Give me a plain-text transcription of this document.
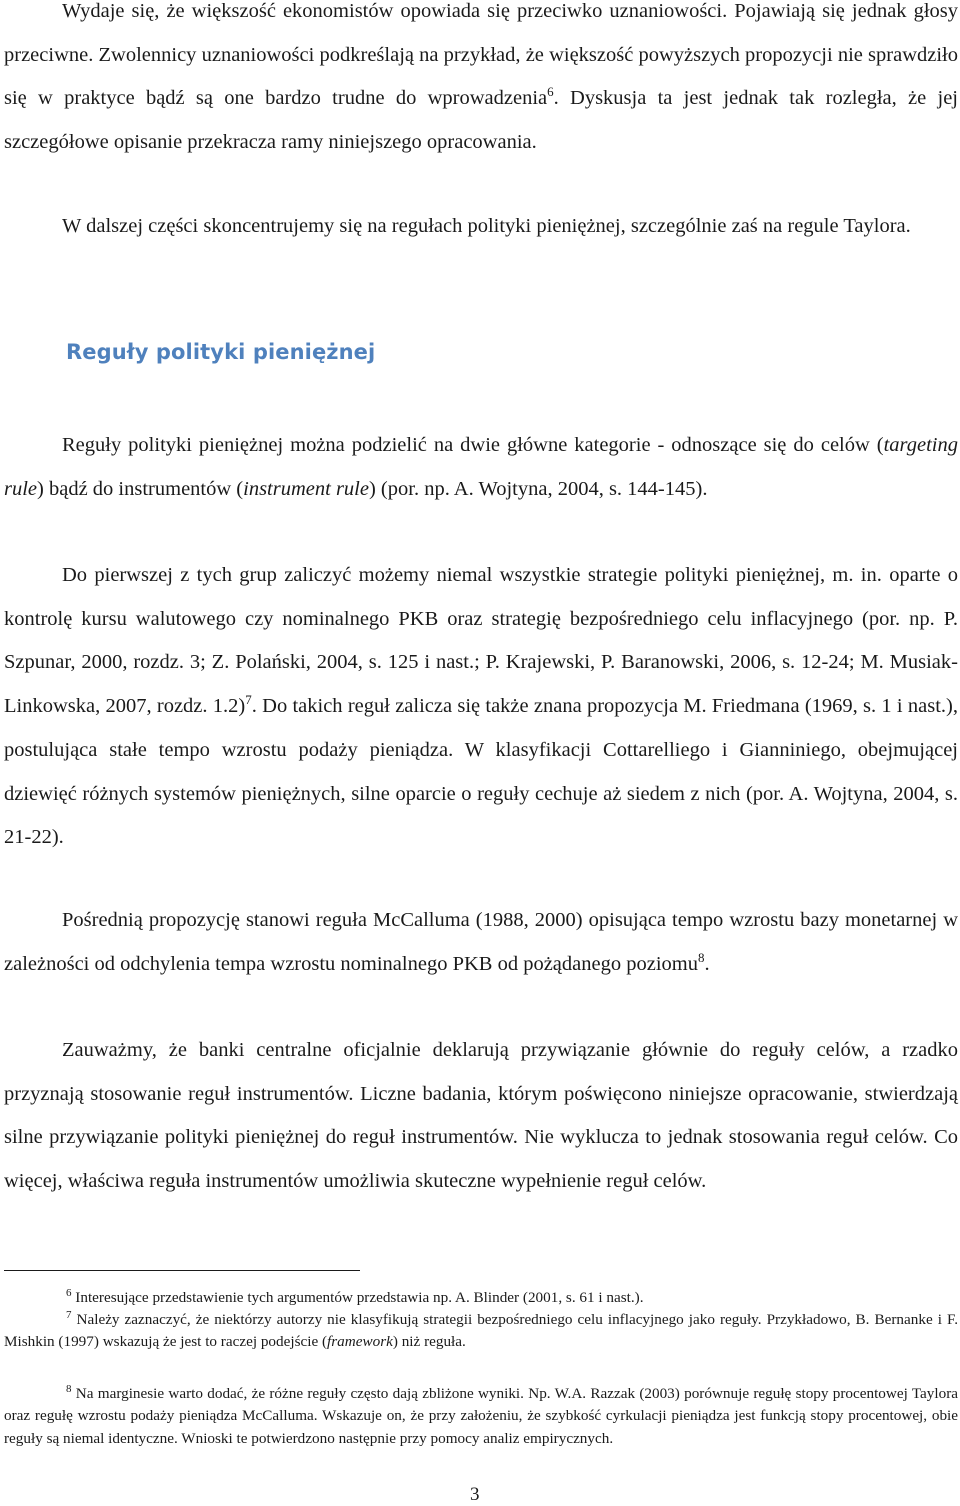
Wydaje się, że większość ekonomistów opowiada się przeciwko uznaniowości. Pojawiają się jednak głosy przeciwne. Zwolennicy uznaniowości podkreślają na przykład, że większość powyższych propozycji nie sprawdziło się w praktyce bądź są one bardzo trudne do wprowadzenia$^6$. Dyskusja ta jest jednak tak rozległa, że jej szczegółowe opisanie przekracza ramy niniejszego opracowania.

W dalszej części skoncentrujemy się na regułach polityki pieniężnej, szczególnie zaś na regule Taylora.

Reguły polityki pieniężnej

Reguły polityki pieniężnej można podzielić na dwie główne kategorie - odnoszące się do celów (targeting rule) bądź do instrumentów (instrument rule) (por. np. A. Wojtyna, 2004, s. 144-145).

Do pierwszej z tych grup zaliczyć możemy niemal wszystkie strategie polityki pieniężnej, m. in. oparte o kontrolę kursu walutowego czy nominalnego PKB oraz strategię bezpośredniego celu inflacyjnego (por. np. P. Szpunar, 2000, rozdz. 3; Z. Polański, 2004, s. 125 i nast.; P. Krajewski, P. Baranowski, 2006, s. 12-24; M. Musiak-Linkowska, 2007, rozdz. 1.2)$^7$. Do takich reguł zalicza się także znana propozycja M. Friedmana (1969, s. 1 i nast.), postulująca stałe tempo wzrostu podaży pieniądza. W klasyfikacji Cottarelliego i Gianniniego, obejmującej dziewięć różnych systemów pieniężnych, silne oparcie o reguły cechuje aż siedem z nich (por. A. Wojtyna, 2004, s. 21-22).

Pośrednią propozycję stanowi reguła McCalluma (1988, 2000) opisująca tempo wzrostu bazy monetarnej w zależności od odchylenia tempa wzrostu nominalnego PKB od pożądanego poziomu$^8$.

Zauważmy, że banki centralne oficjalnie deklarują przywiązanie głównie do reguły celów, a rzadko przyznają stosowanie reguł instrumentów. Liczne badania, którym poświęcono niniejsze opracowanie, stwierdzają silne przywiązanie polityki pieniężnej do reguł instrumentów. Nie wyklucza to jednak stosowania reguł celów. Co więcej, właściwa reguła instrumentów umożliwia skuteczne wypełnienie reguł celów.

$^6$ Interesujące przedstawienie tych argumentów przedstawia np. A. Blinder (2001, s. 61 i nast.).

$^7$ Należy zaznaczyć, że niektórzy autorzy nie klasyfikują strategii bezpośredniego celu inflacyjnego jako reguły. Przykładowo, B. Bernanke i F. Mishkin (1997) wskazują że jest to raczej podejście (framework) niż reguła.

$^8$ Na marginesie warto dodać, że różne reguły często dają zbliżone wyniki. Np. W.A. Razzak (2003) porównuje regułę stopy procentowej Taylora oraz regułę wzrostu podaży pieniądza McCalluma. Wskazuje on, że przy założeniu, że szybkość cyrkulacji pieniądza jest funkcją stopy procentowej, obie reguły są niemal identyczne. Wnioski te potwierdzono następnie przy pomocy analiz empirycznych.

3
